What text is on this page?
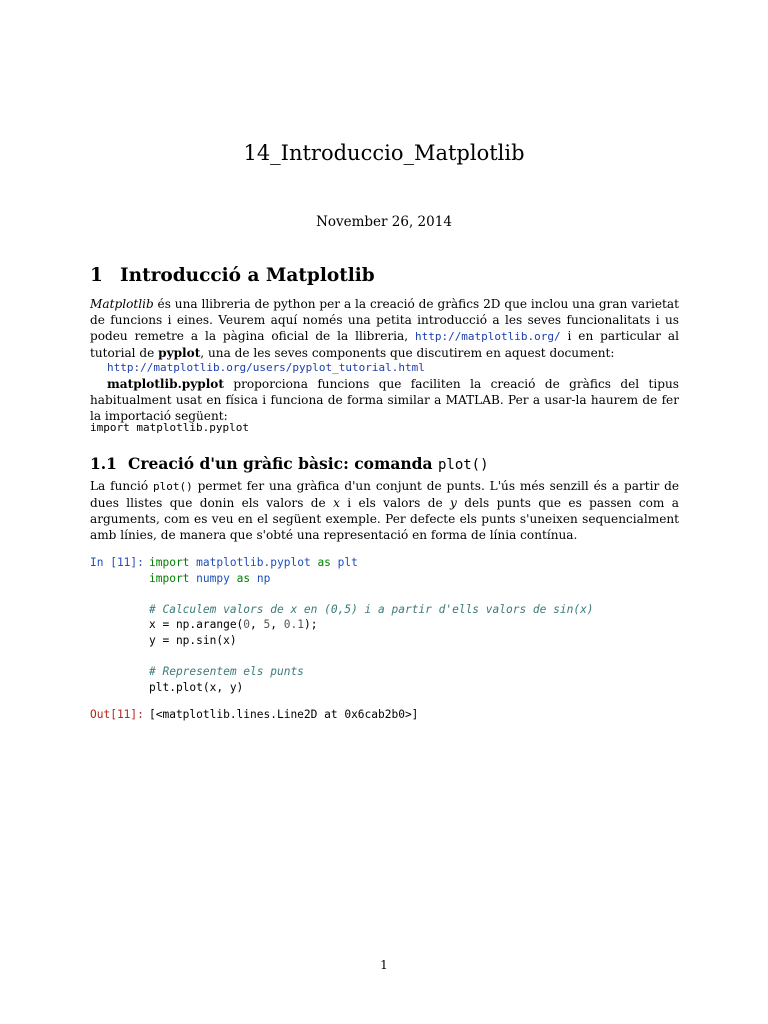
14_Introduccio_Matplotlib
November 26, 2014
1 Introducció a Matplotlib
Matplotlib és una llibreria de python per a la creació de gràfics 2D que inclou una gran varietat de funcions i eines. Veurem aquí només una petita introducció a les seves funcionalitats i us podeu remetre a la pàgina oficial de la llibreria, http://matplotlib.org/ i en particular al tutorial de pyplot, una de les seves components que discutirem en aquest document:
http://matplotlib.org/users/pyplot_tutorial.html
matplotlib.pyplot proporciona funcions que faciliten la creació de gràfics del tipus habitualment usat en física i funciona de forma similar a MATLAB. Per a usar-la haurem de fer la importació següent:
import matplotlib.pyplot
1.1 Creació d'un gràfic bàsic: comanda plot()
La funció plot() permet fer una gràfica d'un conjunt de punts. L'ús més senzill és a partir de dues llistes que donin els valors de x i els valors de y dels punts que es passen com a arguments, com es veu en el següent exemple. Per defecte els punts s'uneixen sequencialment amb línies, de manera que s'obté una representació en forma de línia contínua.
In [11]: import matplotlib.pyplot as plt
import numpy as np

# Calculem valors de x en (0,5) i a partir d'ells valors de sin(x)
x = np.arange(0, 5, 0.1);
y = np.sin(x)

# Representem els punts
plt.plot(x, y)
Out[11]: [<matplotlib.lines.Line2D at 0x6cab2b0>]
1
